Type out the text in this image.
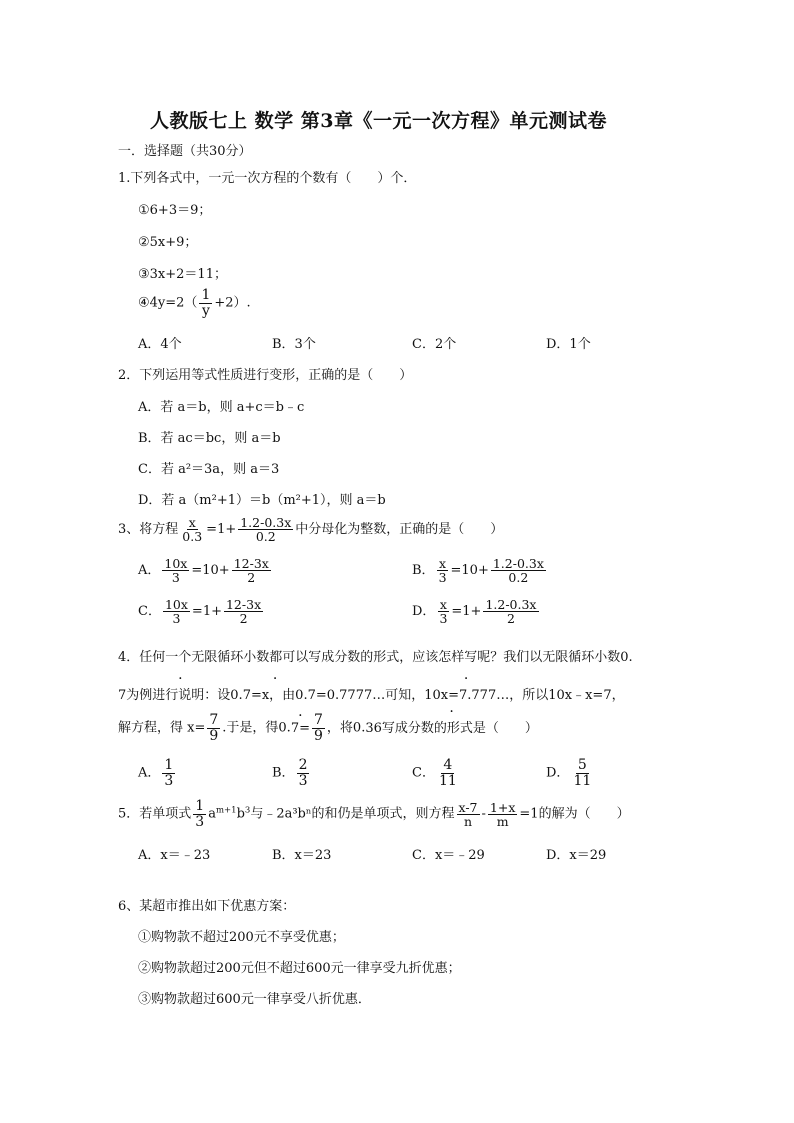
人教版七上 数学 第3章《一元一次方程》单元测试卷
一．选择题（共30分）
1.下列各式中，一元一次方程的个数有（　　）个．
①6+3＝9；
②5x+9；
③3x+2＝11；
④4y=2（ $\frac{1}{y} +2$）.
A．4个	B．3个	C．2个	D．1个
2．下列运用等式性质进行变形，正确的是（　　）
A．若 a＝b，则 a+c＝b﹣c
B．若 ac＝bc，则 a＝b
C．若 a²＝3a，则 a＝3
D．若 a（m²+1）＝b（m²+1），则 a＝b
3、将方程 $\frac{x}{0.3} =1+ \frac{1.2-0.3x}{0.2}$ 中分母化为整数，正确的是（　　）
A． $\frac{10x}{3} =10+ \frac{12-3x}{2}$	B． $\frac{x}{3} =10+ \frac{1.2-0.3x}{0.2}$
C． $\frac{10x}{3} =1+ \frac{12-3x}{2}$	D． $\frac{x}{3} =1+ \frac{1.2-0.3x}{2}$
4．任何一个无限循环小数都可以写成分数的形式，应该怎样写呢？我们以无限循环小数0.
· 7为例进行说明：设0.· 7=x，由0.· 7=0.7777…可知，10x=7.777…，所以10x﹣x=7，
解方程，得 $x= \frac{7}{9}$ .于是，得$0.\cdot 7= \frac{7}{9}$ ，将0.· 36写成分数的形式是（　　）
A． $\frac{1}{3}$	B． $\frac{2}{3}$	C． $\frac{4}{11}$	D． $\frac{5}{11}$
5．若单项式 $\frac{1}{3} a^{m+1}b^3$与﹣2a³bⁿ的和仍是单项式，则方程 $\frac{x-7}{n} - \frac{1+x}{m} =1$的解为（　　）
A．x＝﹣23	B．x＝23	C．x＝﹣29	D．x＝29
6、某超市推出如下优惠方案：
①购物款不超过200元不享受优惠；
②购物款超过200元但不超过600元一律享受九折优惠；
③购物款超过600元一律享受八折优惠．
